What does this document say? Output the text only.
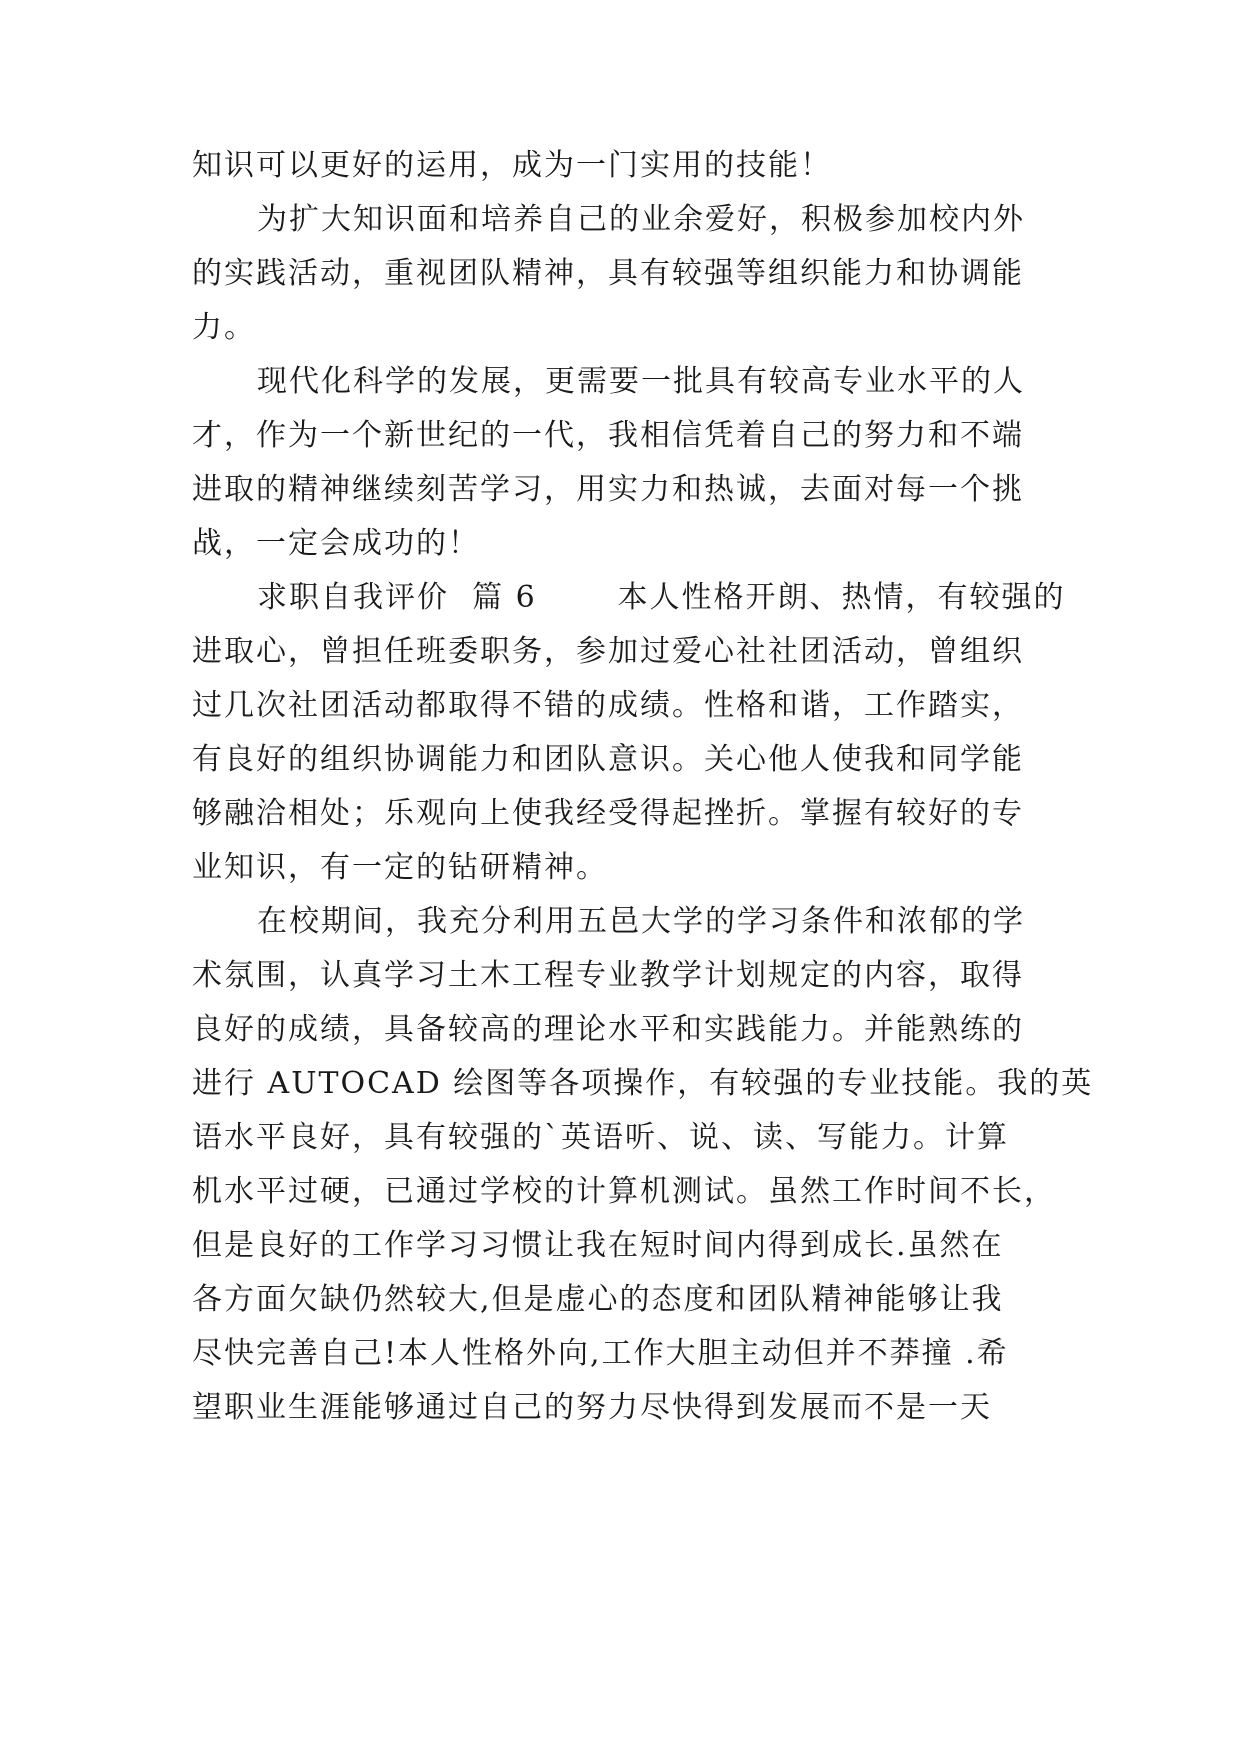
知识可以更好的运用，成为一门实用的技能！
为扩大知识面和培养自己的业余爱好，积极参加校内外
的实践活动，重视团队精神，具有较强等组织能力和协调能
力。
现代化科学的发展，更需要一批具有较高专业水平的人
才，作为一个新世纪的一代，我相信凭着自己的努力和不端
进取的精神继续刻苦学习，用实力和热诚，去面对每一个挑
战，一定会成功的！
求职自我评价  篇 6       本人性格开朗、热情，有较强的
进取心，曾担任班委职务，参加过爱心社社团活动，曾组织
过几次社团活动都取得不错的成绩。性格和谐，工作踏实，
有良好的组织协调能力和团队意识。关心他人使我和同学能
够融洽相处；乐观向上使我经受得起挫折。掌握有较好的专
业知识，有一定的钻研精神。
在校期间，我充分利用五邑大学的学习条件和浓郁的学
术氛围，认真学习土木工程专业教学计划规定的内容，取得
良好的成绩，具备较高的理论水平和实践能力。并能熟练的
进行 AUTOCAD 绘图等各项操作，有较强的专业技能。我的英
语水平良好，具有较强的`英语听、说、读、写能力。计算
机水平过硬，已通过学校的计算机测试。虽然工作时间不长，
但是良好的工作学习习惯让我在短时间内得到成长.虽然在
各方面欠缺仍然较大,但是虚心的态度和团队精神能够让我
尽快完善自己!本人性格外向,工作大胆主动但并不莽撞 .希
望职业生涯能够通过自己的努力尽快得到发展而不是一天
